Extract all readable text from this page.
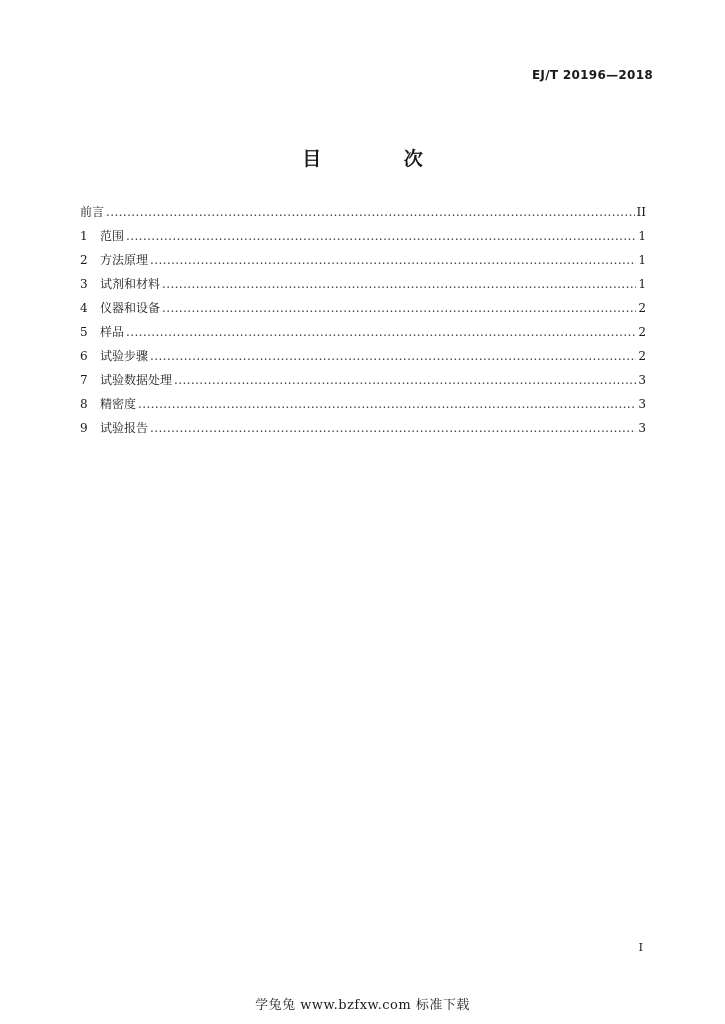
EJ/T 20196—2018
目 次
前言 .....	II
1	范围 .....	1
2	方法原理 .....	1
3	试剂和材料 .....	1
4	仪器和设备 .....	2
5	样品 .....	2
6	试验步骤 .....	2
7	试验数据处理 .....	3
8	精密度 .....	3
9	试验报告 .....	3
I
学兔兔 www.bzfxw.com 标准下载
